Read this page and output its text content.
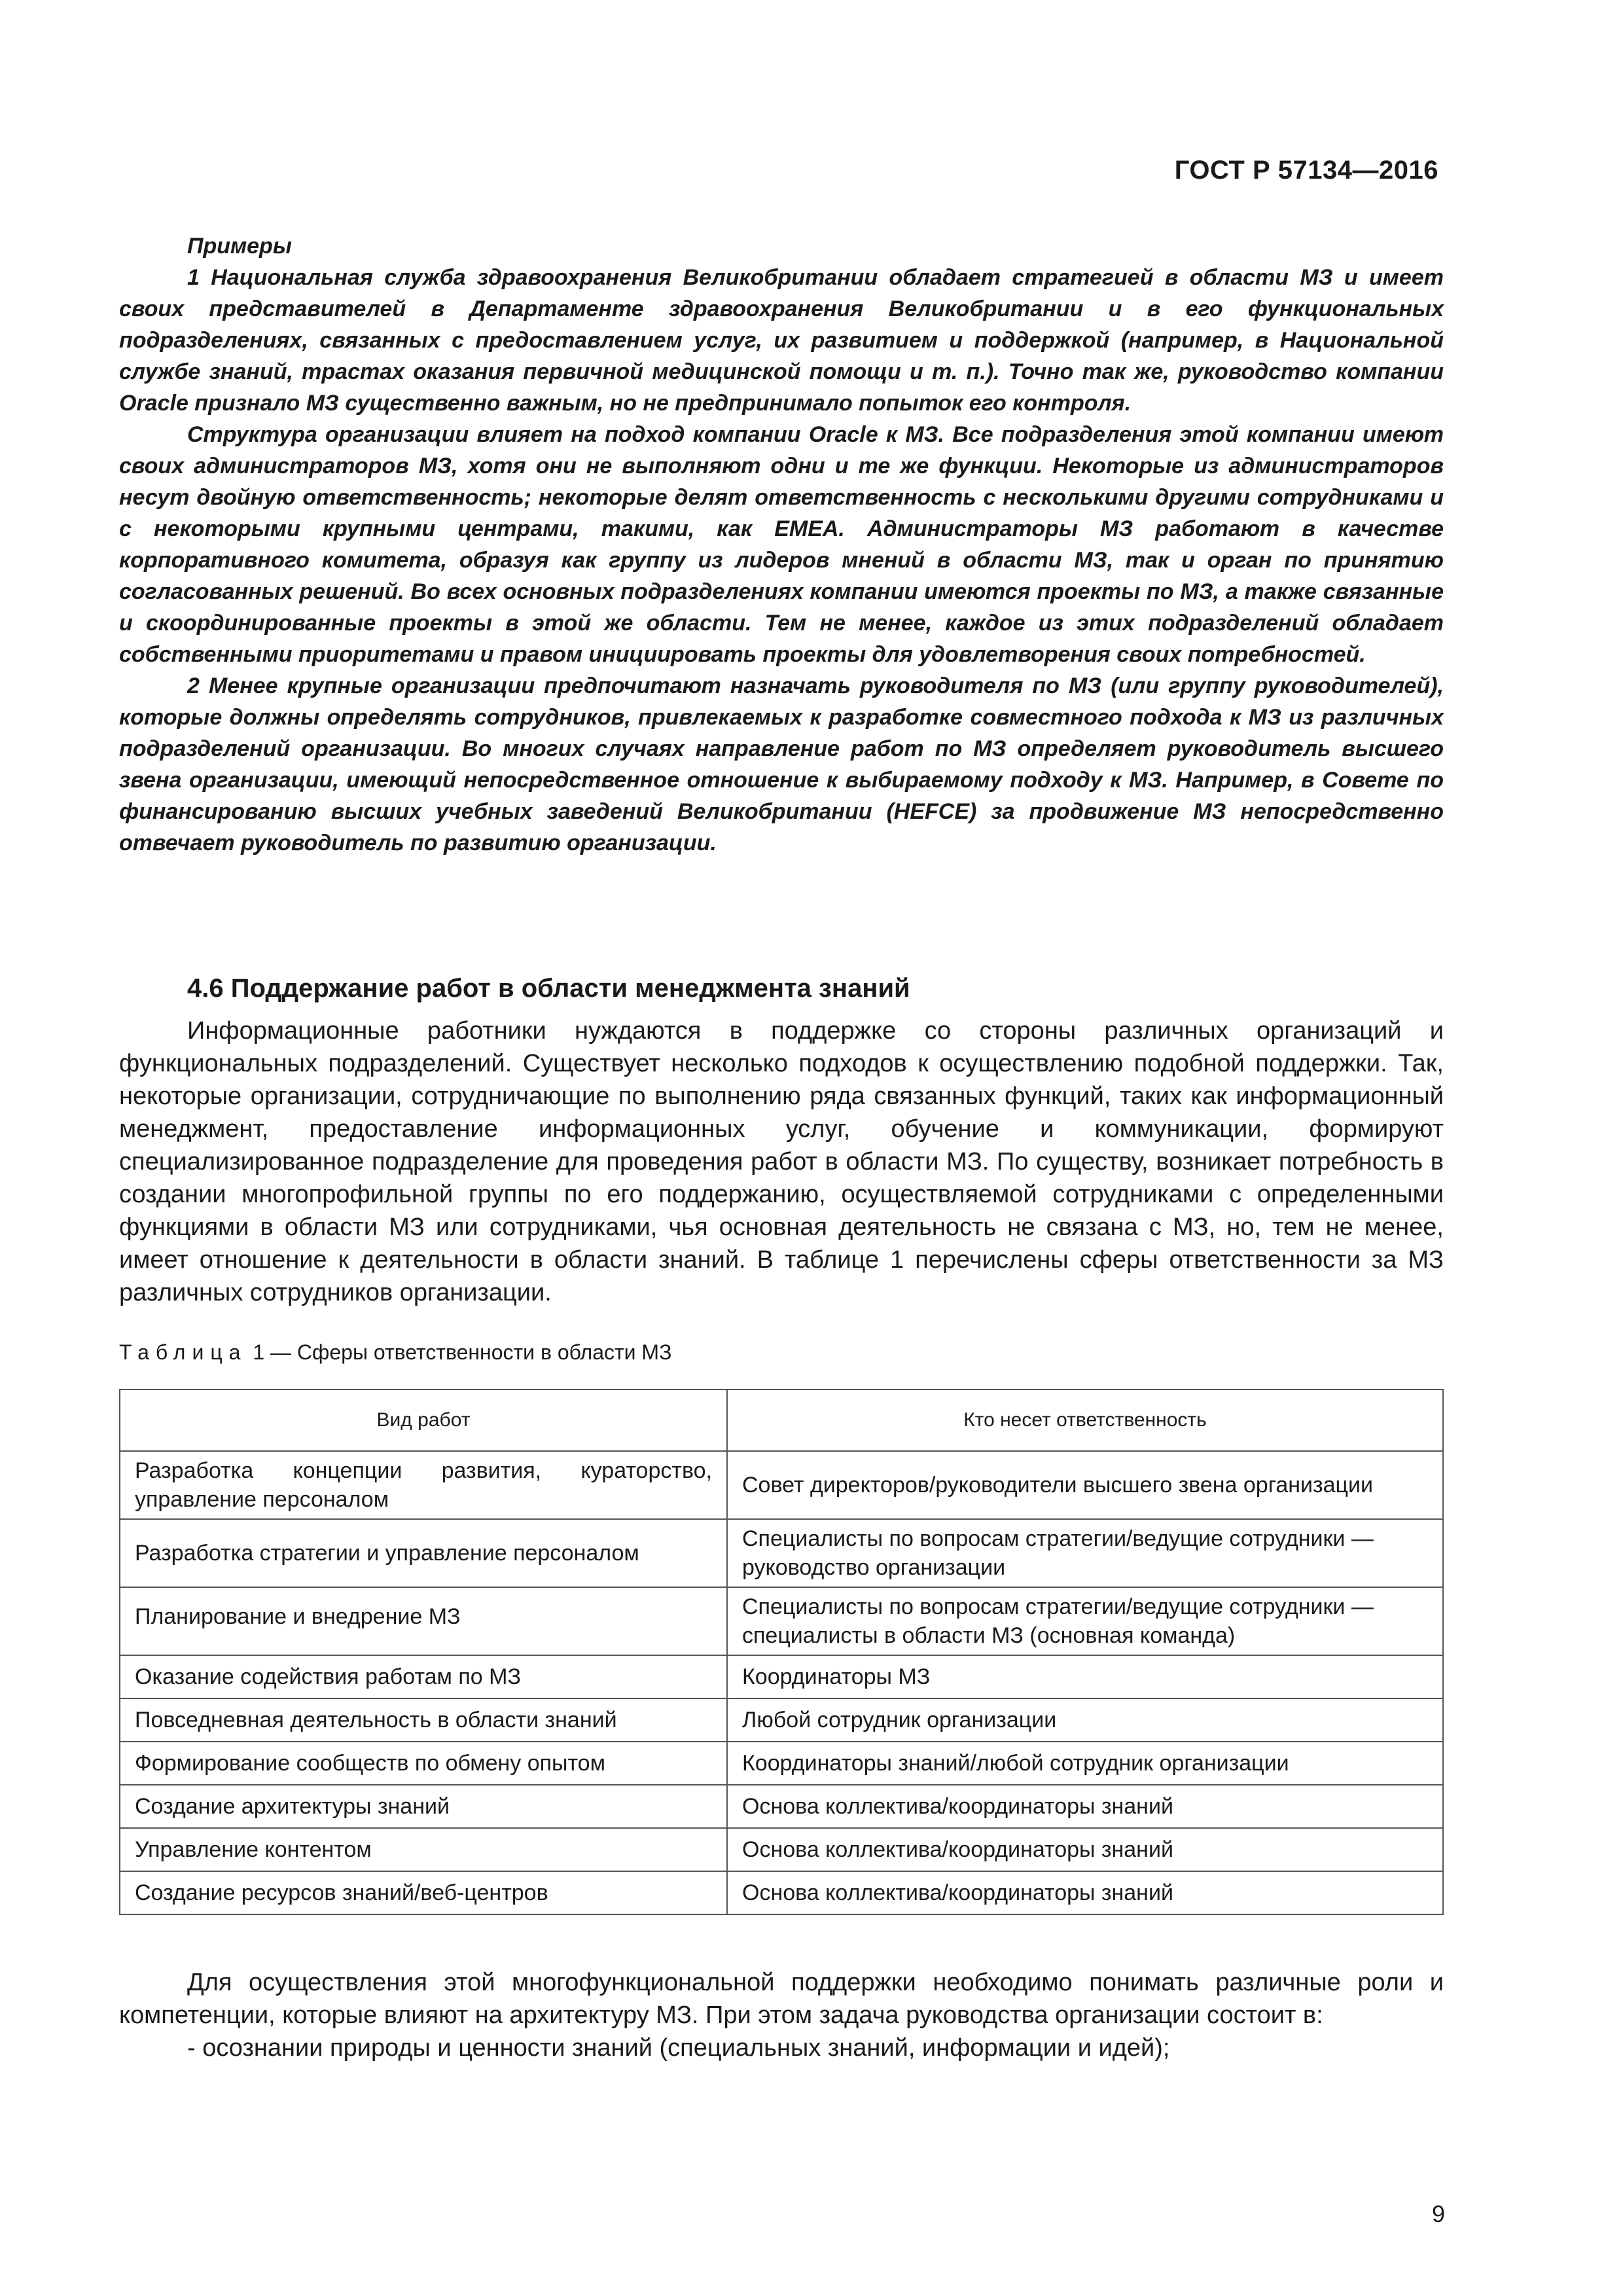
ГОСТ Р 57134—2016

Примеры

1 Национальная служба здравоохранения Великобритании обладает стратегией в области МЗ и имеет своих представителей в Департаменте здравоохранения Великобритании и в его функциональных подразделениях, связанных с предоставлением услуг, их развитием и поддержкой (например, в Национальной службе знаний, трастах оказания первичной медицинской помощи и т. п.). Точно так же, руководство компании Oracle признало МЗ существенно важным, но не предпринимало попыток его контроля.

Структура организации влияет на подход компании Oracle к МЗ. Все подразделения этой компании имеют своих администраторов МЗ, хотя они не выполняют одни и те же функции. Некоторые из администраторов несут двойную ответственность; некоторые делят ответственность с несколькими другими сотрудниками и с некоторыми крупными центрами, такими, как ЕМЕА. Администраторы МЗ работают в качестве корпоративного комитета, образуя как группу из лидеров мнений в области МЗ, так и орган по принятию согласованных решений. Во всех основных подразделениях компании имеются проекты по МЗ, а также связанные и скоординированные проекты в этой же области. Тем не менее, каждое из этих подразделений обладает собственными приоритетами и правом инициировать проекты для удовлетворения своих потребностей.

2 Менее крупные организации предпочитают назначать руководителя по МЗ (или группу руководителей), которые должны определять сотрудников, привлекаемых к разработке совместного подхода к МЗ из различных подразделений организации. Во многих случаях направление работ по МЗ определяет руководитель высшего звена организации, имеющий непосредственное отношение к выбираемому подходу к МЗ. Например, в Совете по финансированию высших учебных заведений Великобритании (HEFCE) за продвижение МЗ непосредственно отвечает руководитель по развитию организации.

4.6 Поддержание работ в области менеджмента знаний

Информационные работники нуждаются в поддержке со стороны различных организаций и функциональных подразделений. Существует несколько подходов к осуществлению подобной поддержки. Так, некоторые организации, сотрудничающие по выполнению ряда связанных функций, таких как информационный менеджмент, предоставление информационных услуг, обучение и коммуникации, формируют специализированное подразделение для проведения работ в области МЗ. По существу, возникает потребность в создании многопрофильной группы по его поддержанию, осуществляемой сотрудниками с определенными функциями в области МЗ или сотрудниками, чья основная деятельность не связана с МЗ, но, тем не менее, имеет отношение к деятельности в области знаний. В таблице 1 перечислены сферы ответственности за МЗ различных сотрудников организации.

Таблица 1 — Сферы ответственности в области МЗ
Вид работ	Кто несет ответственность
Разработка концепции развития, кураторство, управление персоналом	Совет директоров/руководители высшего звена организации
Разработка стратегии и управление персоналом	Специалисты по вопросам стратегии/ведущие сотрудники — руководство организации
Планирование и внедрение МЗ	Специалисты по вопросам стратегии/ведущие сотрудники — специалисты в области МЗ (основная команда)
Оказание содействия работам по МЗ	Координаторы МЗ
Повседневная деятельность в области знаний	Любой сотрудник организации
Формирование сообществ по обмену опытом	Координаторы знаний/любой сотрудник организации
Создание архитектуры знаний	Основа коллектива/координаторы знаний
Управление контентом	Основа коллектива/координаторы знаний
Создание ресурсов знаний/веб-центров	Основа коллектива/координаторы знаний

Для осуществления этой многофункциональной поддержки необходимо понимать различные роли и компетенции, которые влияют на архитектуру МЗ. При этом задача руководства организации состоит в:

- осознании природы и ценности знаний (специальных знаний, информации и идей);

9
